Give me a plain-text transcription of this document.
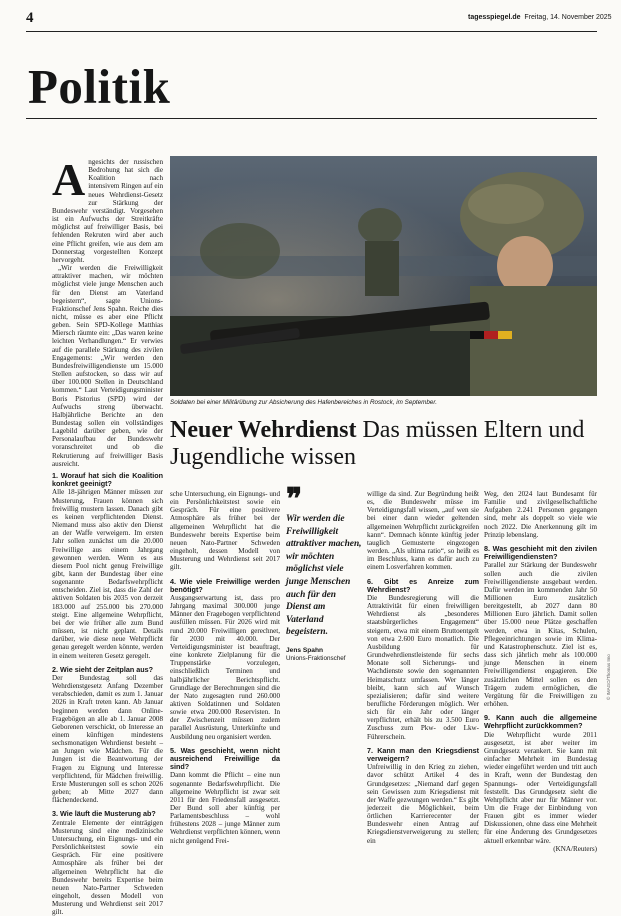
4	tagesspiegel.de Freitag, 14. November 2025
Politik

Angesichts der russischen Bedrohung hat sich die Koalition nach intensivem Ringen auf ein neues Wehrdienst-Gesetz zur Stärkung der Bundeswehr verständigt. Vorgesehen ist ein Aufwuchs der Streitkräfte möglichst auf freiwilliger Basis, bei fehlenden Rekruten wird aber auch eine Pflicht greifen, wie aus dem am Donnerstag vorgestellten Konzept hervorgeht.

„Wir werden die Freiwilligkeit attraktiver machen, wir möchten möglichst viele junge Menschen auch für den Dienst am Vaterland begeistern“, sagte Unions-Fraktionschef Jens Spahn. Reiche dies nicht, müsse es aber eine Pflicht geben. Sein SPD-Kollege Matthias Miersch räumte ein: „Das waren keine leichten Verhandlungen.“ Er verwies auf die parallele Stärkung des zivilen Engagements: „Wir werden den Bundesfreiwilligendienste um 15.000 Stellen aufstocken, so dass wir auf über 100.000 Stellen in Deutschland kommen.“ Laut Verteidigungsminister Boris Pistorius (SPD) wird der Aufwuchs streng überwacht. Halbjährliche Berichte an den Bundestag sollen ein vollständiges Lagebild darüber geben, wie der Personalaufbau der Bundeswehr voranschreitet und ob die Rekrutierung auf freiwilliger Basis ausreicht.

1. Worauf hat sich die Koalition konkret geeinigt?

Alle 18-jährigen Männer müssen zur Musterung, Frauen können sich freiwillig mustern lassen. Danach gibt es keinen verpflichtenden Dienst. Niemand muss also aktiv den Dienst an der Waffe verweigern. Im ersten Jahr sollen zunächst um die 20.000 Freiwillige aus einem Jahrgang gewonnen werden. Wenn es aus diesem Pool nicht genug Freiwillige gibt, kann der Bundestag über eine sogenannte Bedarfswehrpflicht entscheiden. Ziel ist, dass die Zahl der aktiven Soldaten bis 2035 von derzeit 183.000 auf 255.000 bis 270.000 steigt. Eine allgemeine Wehrpflicht, bei der wie früher alle zum Bund müssen, ist nicht geplant. Details darüber, wie diese neue Wehrpflicht genau geregelt werden könnte, werden in einem weiteren Gesetz geregelt.

2. Wie sieht der Zeitplan aus?

Der Bundestag soll das Wehrdienstgesetz Anfang Dezember verabschieden, damit es zum 1. Januar 2026 in Kraft treten kann. Ab Januar beginnen werden dann Online-Fragebögen an alle ab 1. Januar 2008 Geborenen verschickt, ob Interesse an einem künftigen mindestens sechsmonatigen Wehrdienst besteht – an Jungen wie Mädchen. Für die Jungen ist die Beantwortung der Fragen zu Eignung und Interesse verpflichtend, für Mädchen freiwillig. Erste Musterungen soll es schon 2026 geben; ab Mitte 2027 dann flächendeckend.

3. Wie läuft die Musterung ab?

Zentrale Elemente der einträgigen Musterung sind eine medizinische Untersuchung, ein Eignungs- und ein Persönlichkeitstest sowie ein Gespräch. Für eine positivere Atmosphäre als früher bei der allgemeinen Wehrpflicht hat die Bundeswehr bereits Expertise beim neuen Nato-Partner Schweden eingeholt, dessen Modell von Musterung und Wehrdienst seit 2017 gilt.

Soldaten bei einer Militärübung zur Absicherung des Hafenbereiches in Rostock, im September.
© IMAGO/Thomas Imo
Neuer Wehrdienst Das müssen Eltern und Jugendliche wissen

sche Untersuchung, ein Eignungs- und ein Persönlichkeitstest sowie ein Gespräch. Für eine positivere Atmosphäre als früher bei der allgemeinen Wehrpflicht hat die Bundeswehr bereits Expertise beim neuen Nato-Partner Schweden eingeholt, dessen Modell von Musterung und Wehrdienst seit 2017 gilt.

4. Wie viele Freiwillige werden benötigt?

Ausgangserwartung ist, dass pro Jahrgang maximal 300.000 junge Männer den Fragebogen verpflichtend ausfüllen müssen. Für 2026 wird mit rund 20.000 Freiwilligen gerechnet, für 2030 mit 40.000. Der Verteidigungsminister ist beauftragt, eine konkrete Zielplanung für die Truppenstärke vorzulegen, einschließlich Terminen und halbjährlicher Berichtspflicht. Grundlage der Berechnungen sind die der Nato zugesagten rund 260.000 aktiven Soldatinnen und Soldaten sowie etwa 200.000 Reservisten. In der Zwischenzeit müssen zudem parallel Ausrüstung, Unterkünfte und Ausbildung neu organisiert werden.

5. Was geschieht, wenn nicht ausreichend Freiwillige da sind?

Dann kommt die Pflicht – eine nun sogenannte Bedarfswehrpflicht. Die allgemeine Wehrpflicht ist zwar seit 2011 für den Friedensfall ausgesetzt. Der Bund soll aber künftig per Parlamentsbeschluss – wohl frühestens 2028 – junge Männer zum Wehrdienst verpflichten können, wenn nicht genügend Frei-

❞
Wir werden die Freiwilligkeit attraktiver machen, wir möchten möglichst viele junge Menschen auch für den Dienst am Vaterland begeistern.
Jens Spahn
Unions-Fraktionschef

willige da sind. Zur Begründung heißt es, die Bundeswehr müsse im Verteidigungsfall wissen, „auf wen sie bei einer dann wieder geltenden allgemeinen Wehrpflicht zurückgreifen kann“. Demnach könnte künftig jeder tauglich Gemusterte eingezogen werden. „Als ultima ratio“, so heißt es im Beschluss, kann es dafür auch zu einem Losverfahren kommen.

6. Gibt es Anreize zum Wehrdienst?

Die Bundesregierung will die Attraktivität für einen freiwilligen Wehrdienst als „besonderes staatsbürgerliches Engagement“ steigern, etwa mit einem Bruttoentgelt von etwa 2.600 Euro monatlich. Die Ausbildung für Grundwehrdienstleistende für sechs Monate soll Sicherungs- und Wachdienste sowie den sogenannten Heimatschutz umfassen. Wer länger bleibt, kann sich auf Wunsch spezialisieren; dafür sind weitere berufliche Förderungen möglich. Wer sich für ein Jahr oder länger verpflichtet, erhält bis zu 3.500 Euro Zuschuss zum Pkw- oder Lkw-Führerschein.

7. Kann man den Kriegsdienst verweigern?

Unfreiwillig in den Krieg zu ziehen, davor schützt Artikel 4 des Grundgesetzes: „Niemand darf gegen sein Gewissen zum Kriegsdienst mit der Waffe gezwungen werden.“ Es gibt jederzeit die Möglichkeit, beim örtlichen Karrierecenter der Bundeswehr einen Antrag auf Kriegsdienstverweigerung zu stellen; ein

Weg, den 2024 laut Bundesamt für Familie und zivilgesellschaftliche Aufgaben 2.241 Personen gegangen sind, mehr als doppelt so viele wie noch 2022. Die Anerkennung gilt im Prinzip lebenslang.

8. Was geschieht mit den zivilen Freiwilligendiensten?

Parallel zur Stärkung der Bundeswehr sollen auch die zivilen Freiwilligendienste ausgebaut werden. Dafür werden im kommenden Jahr 50 Millionen Euro zusätzlich bereitgestellt, ab 2027 dann 80 Millionen Euro jährlich. Damit sollen über 15.000 neue Plätze geschaffen werden, etwa in Kitas, Schulen, Pflegeeinrichtungen sowie im Klima- und Katastrophenschutz. Ziel ist es, dass sich jährlich mehr als 100.000 junge Menschen in einem Freiwilligendienst engagieren. Die zusätzlichen Mittel sollen es den Trägern zudem ermöglichen, die Vergütung für die Freiwilligen zu erhöhen.

9. Kann auch die allgemeine Wehrpflicht zurückkommen?

Die Wehrpflicht wurde 2011 ausgesetzt, ist aber weiter im Grundgesetz verankert. Sie kann mit einfacher Mehrheit im Bundestag wieder eingeführt werden und tritt auch in Kraft, wenn der Bundestag den Spannungs- oder Verteidigungsfall feststellt. Das Grundgesetz sieht die Wehrpflicht aber nur für Männer vor. Um die Frage der Einbindung von Frauen gibt es immer wieder Diskussionen, ohne dass eine Mehrheit für eine Änderung des Grundgesetzes aktuell erkennbar wäre.

(KNA/Reuters)
